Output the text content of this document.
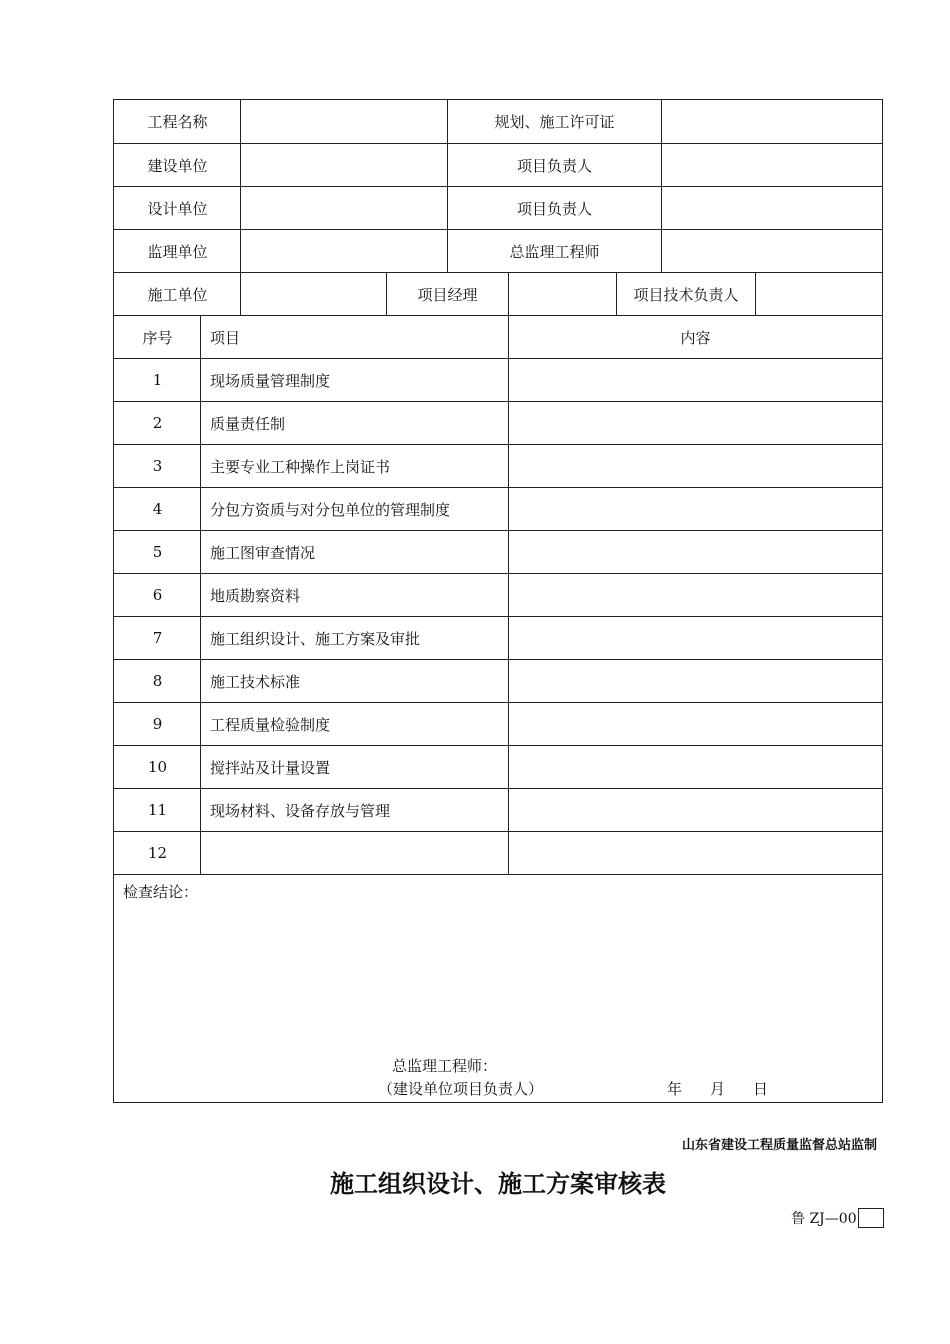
工程名称	规划、施工许可证
建设单位	项目负责人
设计单位	项目负责人
监理单位	总监理工程师
施工单位	项目经理	项目技术负责人
序号	项目	内容
1	现场质量管理制度
2	质量责任制
3	主要专业工种操作上岗证书
4	分包方资质与对分包单位的管理制度
5	施工图审查情况
6	地质勘察资料
7	施工组织设计、施工方案及审批
8	施工技术标准
9	工程质量检验制度
10	搅拌站及计量设置
11	现场材料、设备存放与管理
12
检查结论：
总监理工程师：
（建设单位项目负责人）	年 月 日
山东省建设工程质量监督总站监制
施工组织设计、施工方案审核表
鲁 ZJ—00
